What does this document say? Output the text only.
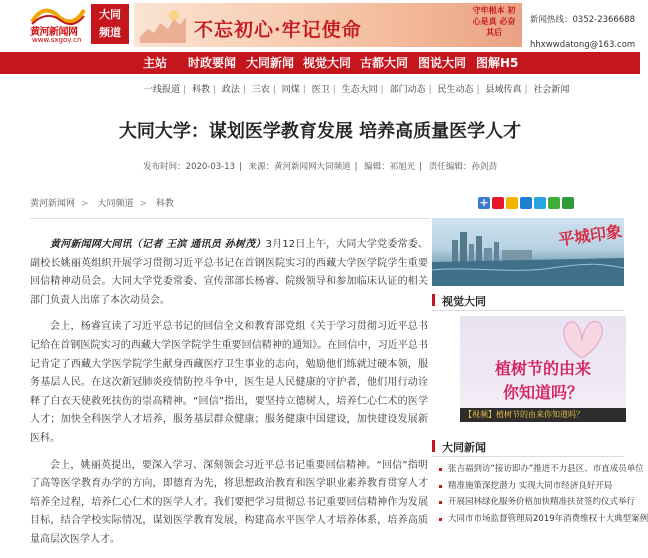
黄河新闻网
www.sxgov.cn
大同
频道	不忘初心·牢记使命
守牢根本 初心是真 必奋其后
新闻热线：0352-2366688
hhxwwdatong@163.com
主站 时政要闻 大同新闻 视觉大同 古都大同 图说大同 图解H5
一线报道 | 科教 | 政法 | 三农 | 同煤 | 医卫 | 生态大同 | 部门动态 | 民生动态 | 县域传真 | 社会新闻
大同大学：谋划医学教育发展 培养高质量医学人才
发布时间：2020-03-13 | 来源：黄河新闻网大同频道 | 编辑：祁旭光 | 责任编辑：孙剑劲
黄河新闻网 > 大同频道 > 科教	+

黄河新闻网大同讯（记者 王滨 通讯员 孙树茂）3月12日上午，大同大学党委常委、副校长姚丽英组织开展学习贯彻习近平总书记在首钢医院实习的西藏大学医学院学生重要回信精神动员会。大同大学党委常委、宣传部部长杨睿、院级领导和参加临床认证的相关部门负责人出席了本次动员会。

会上，杨睿宣读了习近平总书记的回信全文和教育部党组《关于学习贯彻习近平总书记给在首钢医院实习的西藏大学医学院学生重要回信精神的通知》。在回信中，习近平总书记肯定了西藏大学医学院学生献身西藏医疗卫生事业的志向，勉励他们练就过硬本领，服务基层人民。在这次新冠肺炎疫情防控斗争中，医生是人民健康的守护者，他们用行动诠释了白衣天使救死扶伤的崇高精神。“回信”指出，要坚持立德树人，培养仁心仁术的医学人才；加快全科医学人才培养，服务基层群众健康；服务健康中国建设，加快建设发展新医科。

会上，姚丽英提出，要深入学习、深刻领会习近平总书记重要回信精神。“回信”指明了高等医学教育办学的方向，即德育为先，将思想政治教育和医学职业素养教育贯穿人才培养全过程，培养仁心仁术的医学人才。我们要把学习贯彻总书记重要回信精神作为发展目标，结合学校实际情况，谋划医学教育发展，构建高水平医学人才培养体系，培养高质量高层次医学人才。

平城印象
视觉大同
植树节的由来
你知道吗？
【视频】植树节的由来你知道吗？
大同新闻
张吉福到访“接访即办”推进不力县区、市直成员单位
精准施策深挖潜力 实现大同市经济良好开局
开展园林绿化服务价格加快精准扶贫签约仪式举行
大同市市场监督管理局2019年消费维权十大典型案例
